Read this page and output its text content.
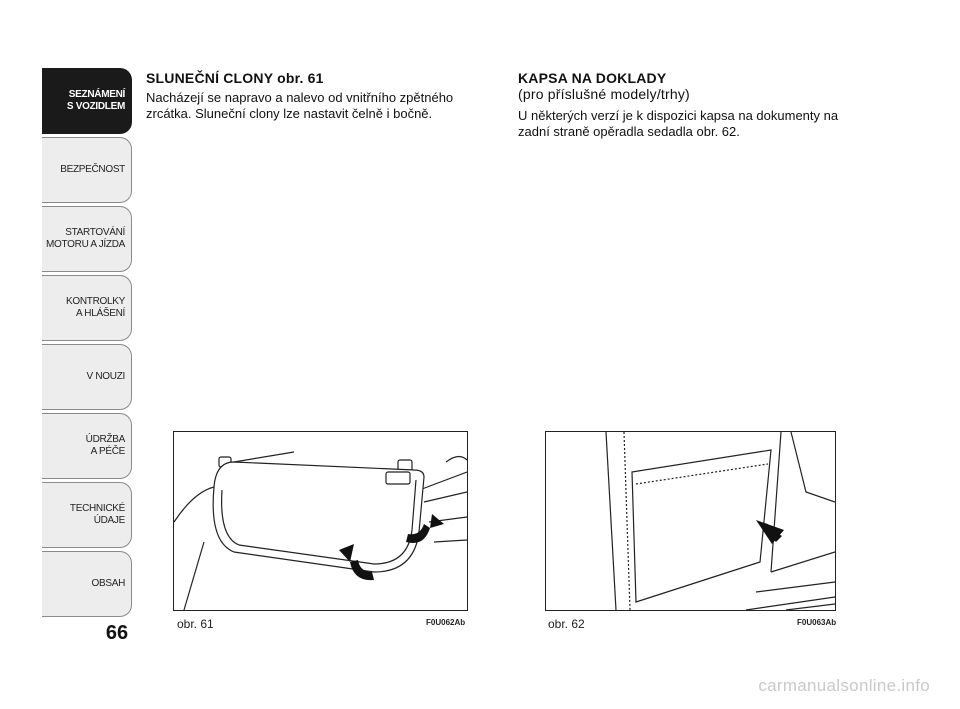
SEZNÁMENÍ
S VOZIDLEM
BEZPEČNOST
STARTOVÁNÍ
MOTORU A JÍZDA
KONTROLKY
A HLÁŠENÍ
V NOUZI
ÚDRŽBA
A PÉČE
TECHNICKÉ
ÚDAJE
OBSAH
66
SLUNEČNÍ CLONY obr. 61

Nacházejí se napravo a nalevo od vnitřního zpětného zrcátka. Sluneční clony lze nastavit čelně i bočně.

KAPSA NA DOKLADY
(pro příslušné modely/trhy)

U některých verzí je k dispozici kapsa na dokumenty na zadní straně opěradla sedadla obr. 62.

obr. 61	F0U062Ab	obr. 62	F0U063Ab
carmanualsonline.info
